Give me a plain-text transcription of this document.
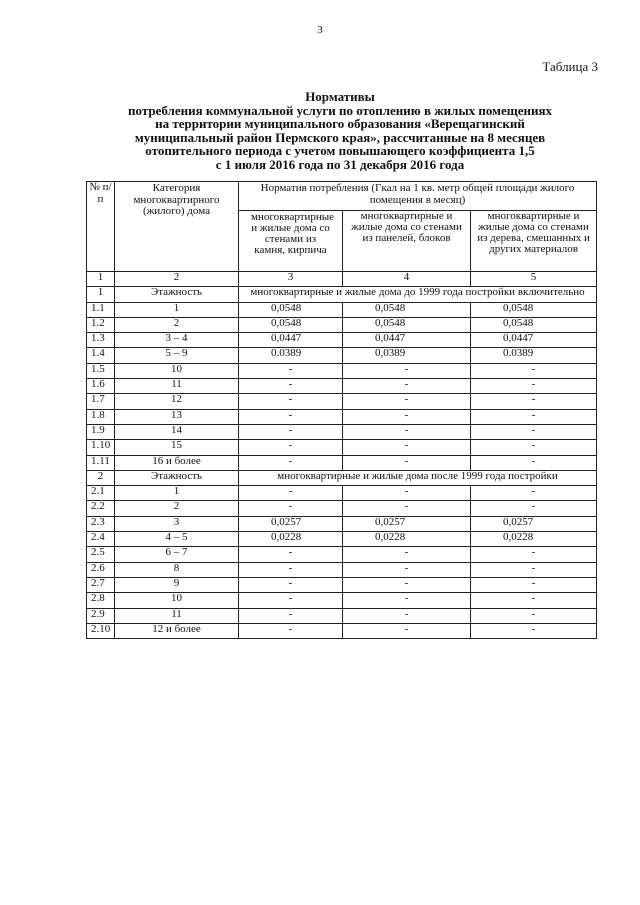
3
Таблица 3
Нормативы
потребления коммунальной услуги по отоплению в жилых помещениях
на территории муниципального образования «Верещагинский
муниципальный район Пермского края», рассчитанные на 8 месяцев
отопительного периода с учетом повышающего коэффициента 1,5
с 1 июля 2016 года по 31 декабря 2016 года
№ п/п	Категория многоквартирного (жилого) дома	Норматив потребления (Гкал на 1 кв. метр общей площади жилого помещения в месяц)		
		многоквартирные и жилые дома со стенами из камня, кирпича	многоквартирные и жилые дома со стенами из панелей, блоков	многоквартирные и жилые дома со стенами из дерева, смешанных и других материалов
1	2	3	4	5
1	Этажность	многоквартирные и жилые дома до 1999 года постройки включительно		
1.1	1	0,0548	0,0548	0,0548
1.2	2	0,0548	0,0548	0,0548
1.3	3 – 4	0,0447	0,0447	0,0447
1.4	5 – 9	0.0389	0,0389	0.0389
1.5	10	-	-	-
1.6	11	-	-	-
1.7	12	-	-	-
1.8	13	-	-	-
1.9	14	-	-	-
1.10	15	-	-	-
1.11	16 и более	-	-	-
2	Этажность	многоквартирные и жилые дома после 1999 года постройки		
2.1	1	-	-	-
2.2	2	-	-	-
2.3	3	0,0257	0,0257	0,0257
2.4	4 – 5	0,0228	0,0228	0,0228
2.5	6 – 7	-	-	-
2.6	8	-	-	-
2.7	9	-	-	-
2.8	10	-	-	-
2.9	11	-	-	-
2.10	12 и более	-	-	-
